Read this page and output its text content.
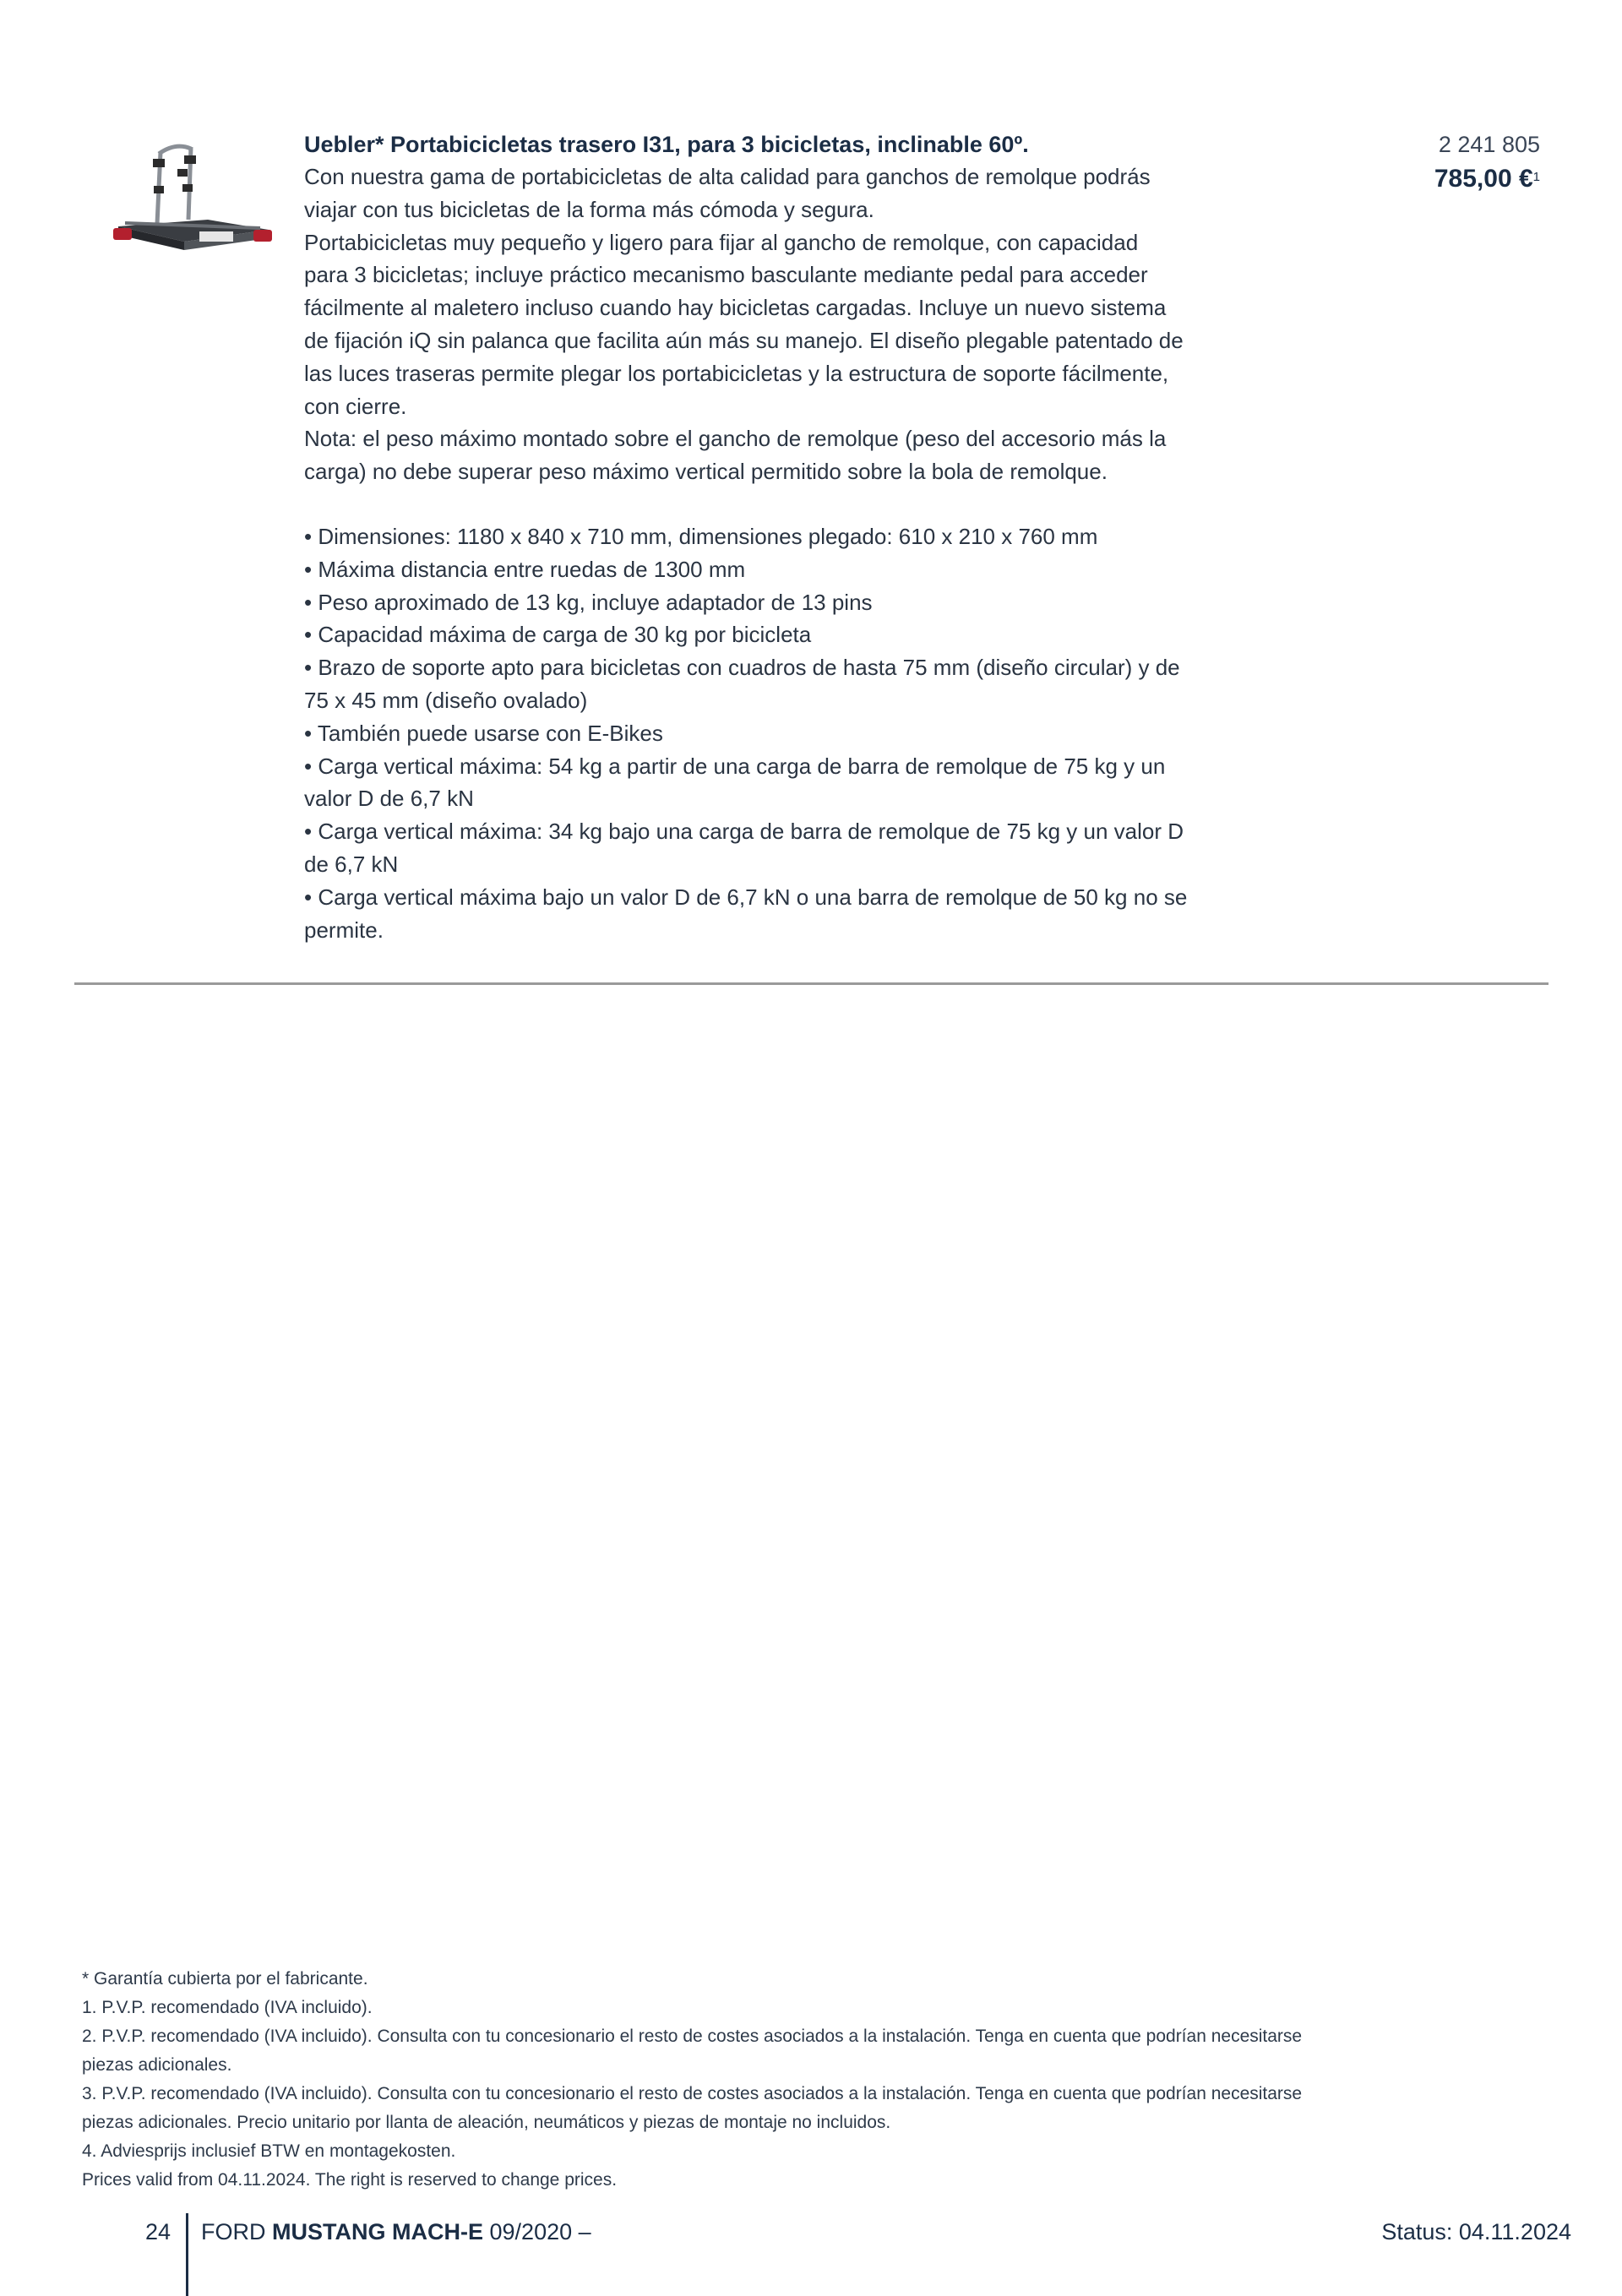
Uebler* Portabicicletas trasero I31, para 3 bicicletas, inclinable 60º.

Con nuestra gama de portabicicletas de alta calidad para ganchos de remolque podrás

viajar con tus bicicletas de la forma más cómoda y segura.

Portabicicletas muy pequeño y ligero para fijar al gancho de remolque, con capacidad

para 3 bicicletas; incluye práctico mecanismo basculante mediante pedal para acceder

fácilmente al maletero incluso cuando hay bicicletas cargadas. Incluye un nuevo sistema

de fijación iQ sin palanca que facilita aún más su manejo. El diseño plegable patentado de

las luces traseras permite plegar los portabicicletas y la estructura de soporte fácilmente,

con cierre.

Nota: el peso máximo montado sobre el gancho de remolque (peso del accesorio más la

carga) no debe superar peso máximo vertical permitido sobre la bola de remolque.

• Dimensiones: 1180 x 840 x 710 mm, dimensiones plegado: 610 x 210 x 760 mm
• Máxima distancia entre ruedas de 1300 mm
• Peso aproximado de 13 kg, incluye adaptador de 13 pins
• Capacidad máxima de carga de 30 kg por bicicleta
• Brazo de soporte apto para bicicletas con cuadros de hasta 75 mm (diseño circular) y de
75 x 45 mm (diseño ovalado)
• También puede usarse con E-Bikes
• Carga vertical máxima: 54 kg a partir de una carga de barra de remolque de 75 kg y un
valor D de 6,7 kN
• Carga vertical máxima: 34 kg bajo una carga de barra de remolque de 75 kg y un valor D
de 6,7 kN
• Carga vertical máxima bajo un valor D de 6,7 kN o una barra de remolque de 50 kg no se
permite.
2 241 805
785,00 €$^1$
* Garantía cubierta por el fabricante.
1. P.V.P. recomendado (IVA incluido).
2. P.V.P. recomendado (IVA incluido). Consulta con tu concesionario el resto de costes asociados a la instalación. Tenga en cuenta que podrían necesitarse
piezas adicionales.
3. P.V.P. recomendado (IVA incluido). Consulta con tu concesionario el resto de costes asociados a la instalación. Tenga en cuenta que podrían necesitarse
piezas adicionales. Precio unitario por llanta de aleación, neumáticos y piezas de montaje no incluidos.
4. Adviesprijs inclusief BTW en montagekosten.
Prices valid from 04.11.2024. The right is reserved to change prices.
24 FORD MUSTANG MACH-E 09/2020 –	Status: 04.11.2024
